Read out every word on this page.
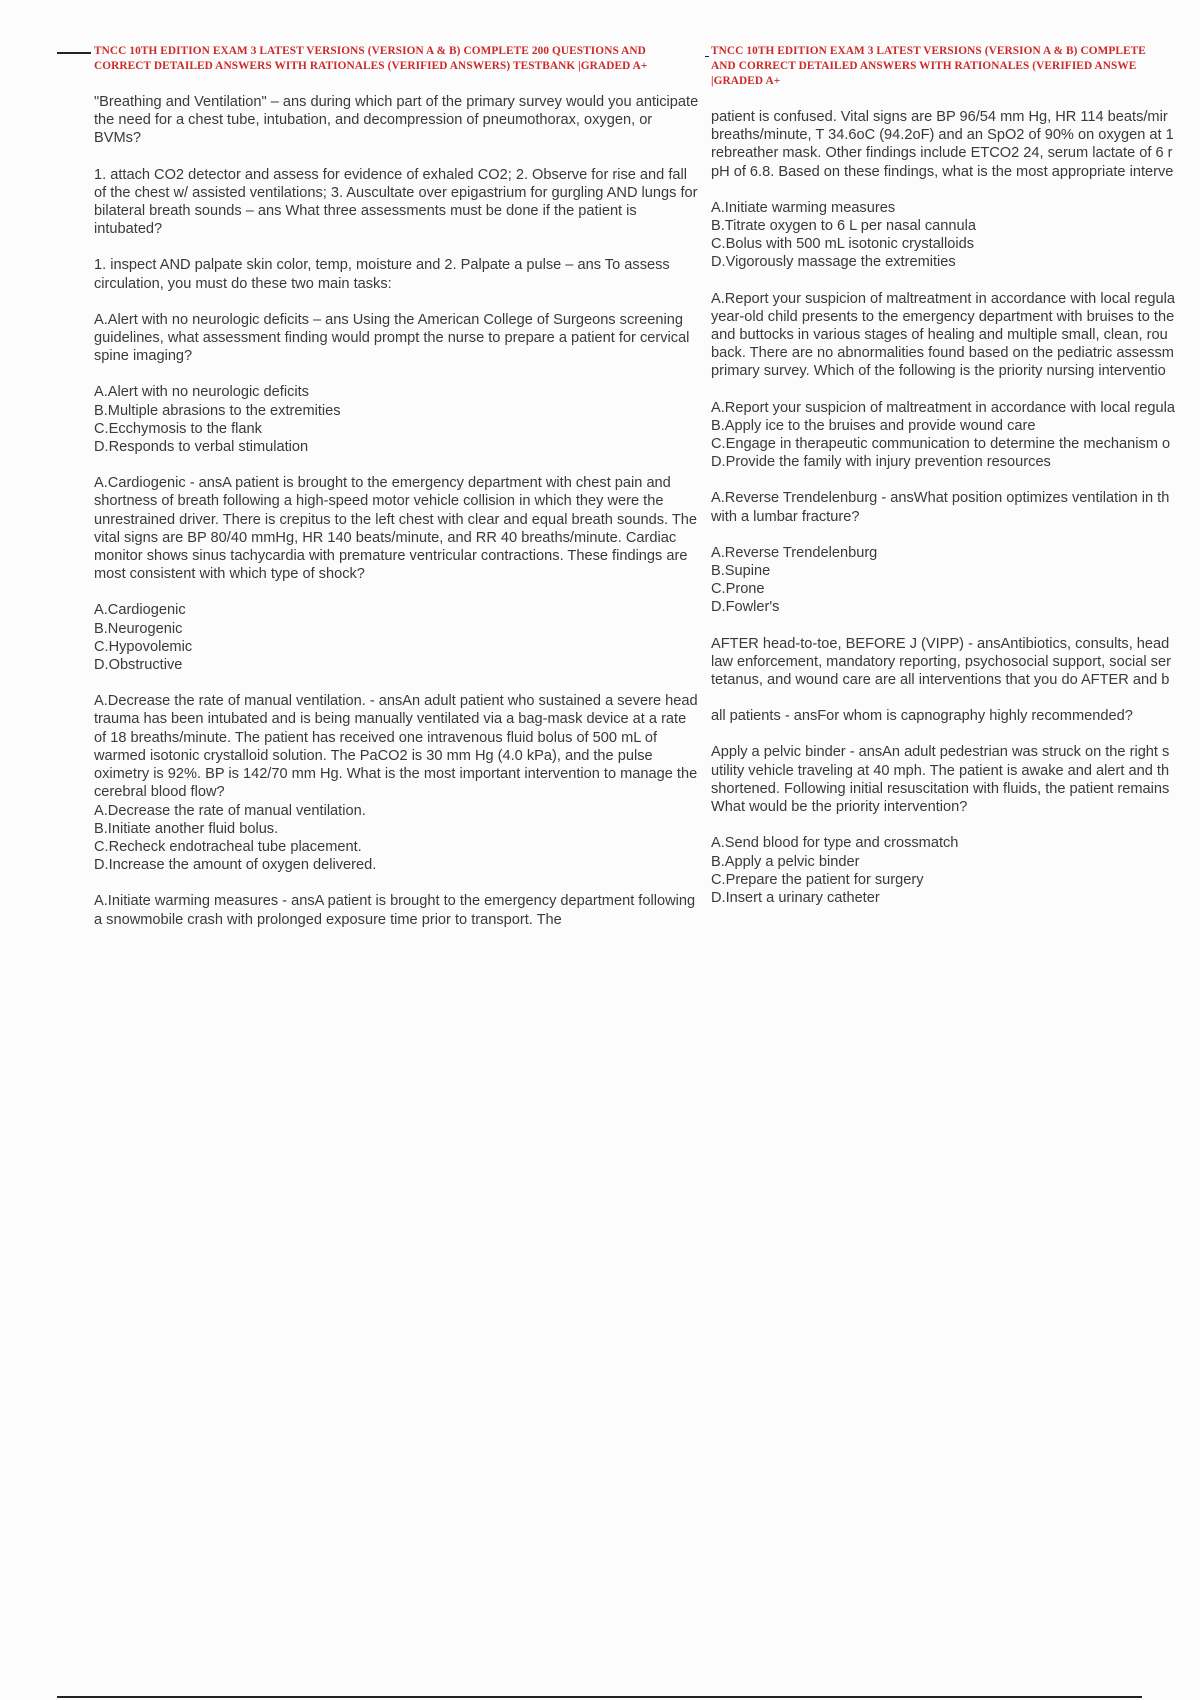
TNCC 10TH EDITION EXAM 3 LATEST VERSIONS (VERSION A & B) COMPLETE 200 QUESTIONS AND CORRECT DETAILED ANSWERS WITH RATIONALES (VERIFIED ANSWERS) TESTBANK |GRADED A+

"Breathing and Ventilation" – ans during which part of the primary survey would you anticipate the need for a chest tube, intubation, and decompression of pneumothorax, oxygen, or BVMs?

1. attach CO2 detector and assess for evidence of exhaled CO2; 2. Observe for rise and fall of the chest w/ assisted ventilations; 3. Auscultate over epigastrium for gurgling AND lungs for bilateral breath sounds – ans What three assessments must be done if the patient is intubated?

1. inspect AND palpate skin color, temp, moisture and 2. Palpate a pulse – ans To assess circulation, you must do these two main tasks:

A.Alert with no neurologic deficits – ans Using the American College of Surgeons screening guidelines, what assessment finding would prompt the nurse to prepare a patient for cervical spine imaging?

A.Alert with no neurologic deficits
B.Multiple abrasions to the extremities
C.Ecchymosis to the flank
D.Responds to verbal stimulation

A.Cardiogenic - ansA patient is brought to the emergency department with chest pain and shortness of breath following a high-speed motor vehicle collision in which they were the unrestrained driver. There is crepitus to the left chest with clear and equal breath sounds. The vital signs are BP 80/40 mmHg, HR 140 beats/minute, and RR 40 breaths/minute. Cardiac monitor shows sinus tachycardia with premature ventricular contractions. These findings are most consistent with which type of shock?

A.Cardiogenic
B.Neurogenic
C.Hypovolemic
D.Obstructive

A.Decrease the rate of manual ventilation. - ansAn adult patient who sustained a severe head trauma has been intubated and is being manually ventilated via a bag-mask device at a rate of 18 breaths/minute. The patient has received one intravenous fluid bolus of 500 mL of warmed isotonic crystalloid solution. The PaCO2 is 30 mm Hg (4.0 kPa), and the pulse oximetry is 92%. BP is 142/70 mm Hg. What is the most important intervention to manage the cerebral blood flow?

A.Decrease the rate of manual ventilation.
B.Initiate another fluid bolus.
C.Recheck endotracheal tube placement.
D.Increase the amount of oxygen delivered.

A.Initiate warming measures - ansA patient is brought to the emergency department following a snowmobile crash with prolonged exposure time prior to transport. The

TNCC 10TH EDITION EXAM 3 LATEST VERSIONS (VERSION A & B) COMPLETE
AND CORRECT DETAILED ANSWERS WITH RATIONALES (VERIFIED ANSWE
|GRADED A+

patient is confused. Vital signs are BP 96/54 mm Hg, HR 114 beats/mir
breaths/minute, T 34.6oC (94.2oF) and an SpO2 of 90% on oxygen at 1
rebreather mask. Other findings include ETCO2 24, serum lactate of 6 r
pH of 6.8. Based on these findings, what is the most appropriate interve

A.Initiate warming measures
B.Titrate oxygen to 6 L per nasal cannula
C.Bolus with 500 mL isotonic crystalloids
D.Vigorously massage the extremities

A.Report your suspicion of maltreatment in accordance with local regula
year-old child presents to the emergency department with bruises to the
and buttocks in various stages of healing and multiple small, clean, rou
back. There are no abnormalities found based on the pediatric assessm
primary survey. Which of the following is the priority nursing interventio

A.Report your suspicion of maltreatment in accordance with local regula
B.Apply ice to the bruises and provide wound care
C.Engage in therapeutic communication to determine the mechanism o
D.Provide the family with injury prevention resources

A.Reverse Trendelenburg - ansWhat position optimizes ventilation in th
with a lumbar fracture?

A.Reverse Trendelenburg
B.Supine
C.Prone
D.Fowler's

AFTER head-to-toe, BEFORE J (VIPP) - ansAntibiotics, consults, head
law enforcement, mandatory reporting, psychosocial support, social ser
tetanus, and wound care are all interventions that you do AFTER and b

all patients - ansFor whom is capnography highly recommended?

Apply a pelvic binder - ansAn adult pedestrian was struck on the right s
utility vehicle traveling at 40 mph. The patient is awake and alert and th
shortened. Following initial resuscitation with fluids, the patient remains
What would be the priority intervention?

A.Send blood for type and crossmatch
B.Apply a pelvic binder
C.Prepare the patient for surgery
D.Insert a urinary catheter
